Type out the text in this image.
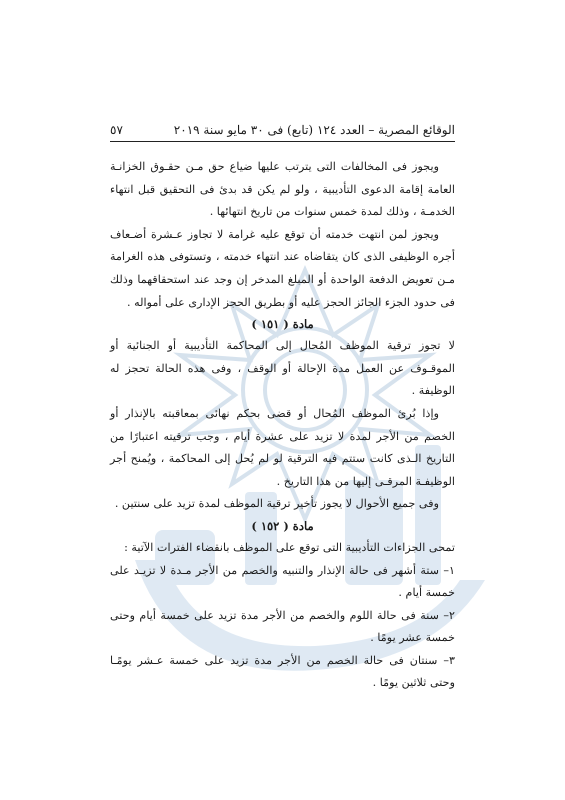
الوقائع المصرية – العدد ١٢٤ (تابع) فى ٣٠ مايو سنة ٢٠١٩
٥٧

ويجوز فى المخالفات التى يترتب عليها ضياع حق مـن حقـوق الخزانـة العامة إقامة الدعوى التأديبية ، ولو لم يكن قد بدئ فى التحقيق قبل انتهاء الخدمـة ، وذلك لمدة خمس سنوات من تاريخ انتهائها .

ويجوز لمن انتهت خدمته أن توقع عليه غرامة لا تجاوز عـشرة أضـعاف أجره الوظيفى الذى كان يتقاضاه عند انتهاء خدمته ، وتستوفى هذه الغرامة مـن تعويض الدفعة الواحدة أو المبلغ المدخر إن وجد عند استحقاقهما وذلك فى حدود الجزء الجائز الحجز عليه أو بطريق الحجز الإدارى على أمواله .

مادة ( ١٥١ )

لا تجوز ترقية الموظف المُحال إلى المحاكمة التأديبية أو الجنائية أو الموقـوف عن العمل مدة الإحالة أو الوقف ، وفى هذه الحالة تحجز له الوظيفة .

وإذا بُرئ الموظف المُحال أو قضى بحكم نهائى بمعاقبته بالإنذار أو الخصم من الأجر لمدة لا تزيد على عشرة أيام ، وجب ترقيته اعتبارًا من التاريخ الـذى كانت ستتم فيه الترقية لو لم يُحل إلى المحاكمة ، ويُمنح أجر الوظيفـة المرقـى إليها من هذا التاريخ .

وفى جميع الأحوال لا يجوز تأخير ترقية الموظف لمدة تزيد على سنتين .

مادة ( ١٥٢ )

تمحى الجزاءات التأديبية التى توقع على الموظف بانقضاء الفترات الآتية :

١– ستة أشهر فى حالة الإنذار والتنبيه والخصم من الأجر مـدة لا تزيـد على خمسة أيام .

٢– سنة فى حالة اللوم والخصم من الأجر مدة تزيد على خمسة أيام وحتى خمسة عشر يومًا .

٣– سنتان فى حالة الخصم من الأجر مدة تزيد على خمسة عـشر يومًـا وحتى ثلاثين يومًا .
